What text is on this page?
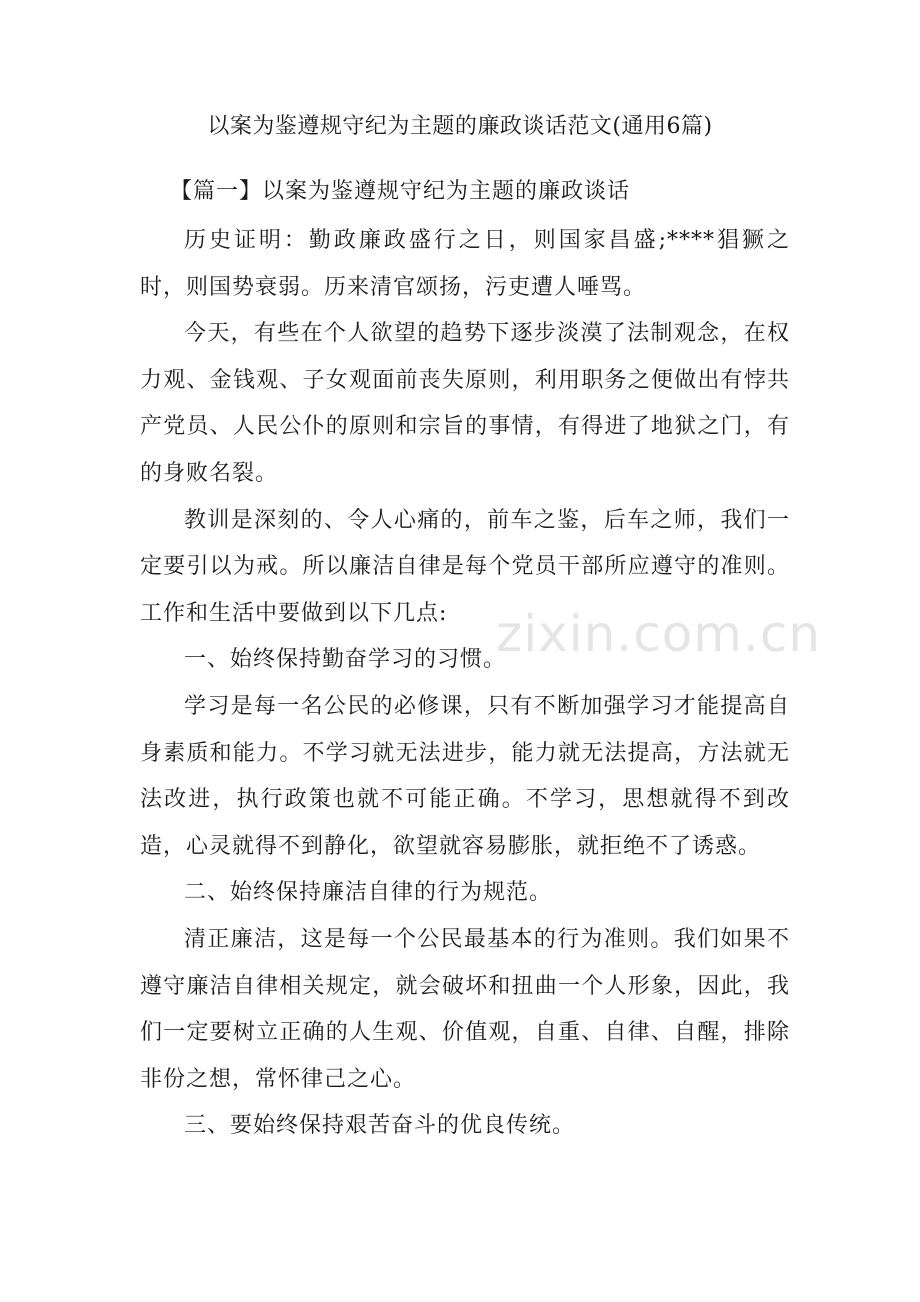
以案为鉴遵规守纪为主题的廉政谈话范文(通用6篇)
【篇一】以案为鉴遵规守纪为主题的廉政谈话

历史证明：勤政廉政盛行之日，则国家昌盛;****猖獗之时，则国势衰弱。历来清官颂扬，污吏遭人唾骂。

今天，有些在个人欲望的趋势下逐步淡漠了法制观念，在权力观、金钱观、子女观面前丧失原则，利用职务之便做出有悖共产党员、人民公仆的原则和宗旨的事情，有得进了地狱之门，有的身败名裂。

教训是深刻的、令人心痛的，前车之鉴，后车之师，我们一定要引以为戒。所以廉洁自律是每个党员干部所应遵守的准则。工作和生活中要做到以下几点:

一、始终保持勤奋学习的习惯。

学习是每一名公民的必修课，只有不断加强学习才能提高自身素质和能力。不学习就无法进步，能力就无法提高，方法就无法改进，执行政策也就不可能正确。不学习，思想就得不到改造，心灵就得不到静化，欲望就容易膨胀，就拒绝不了诱惑。

二、始终保持廉洁自律的行为规范。

清正廉洁，这是每一个公民最基本的行为准则。我们如果不遵守廉洁自律相关规定，就会破坏和扭曲一个人形象，因此，我们一定要树立正确的人生观、价值观，自重、自律、自醒，排除非份之想，常怀律己之心。

三、要始终保持艰苦奋斗的优良传统。

zixin.com.cn
